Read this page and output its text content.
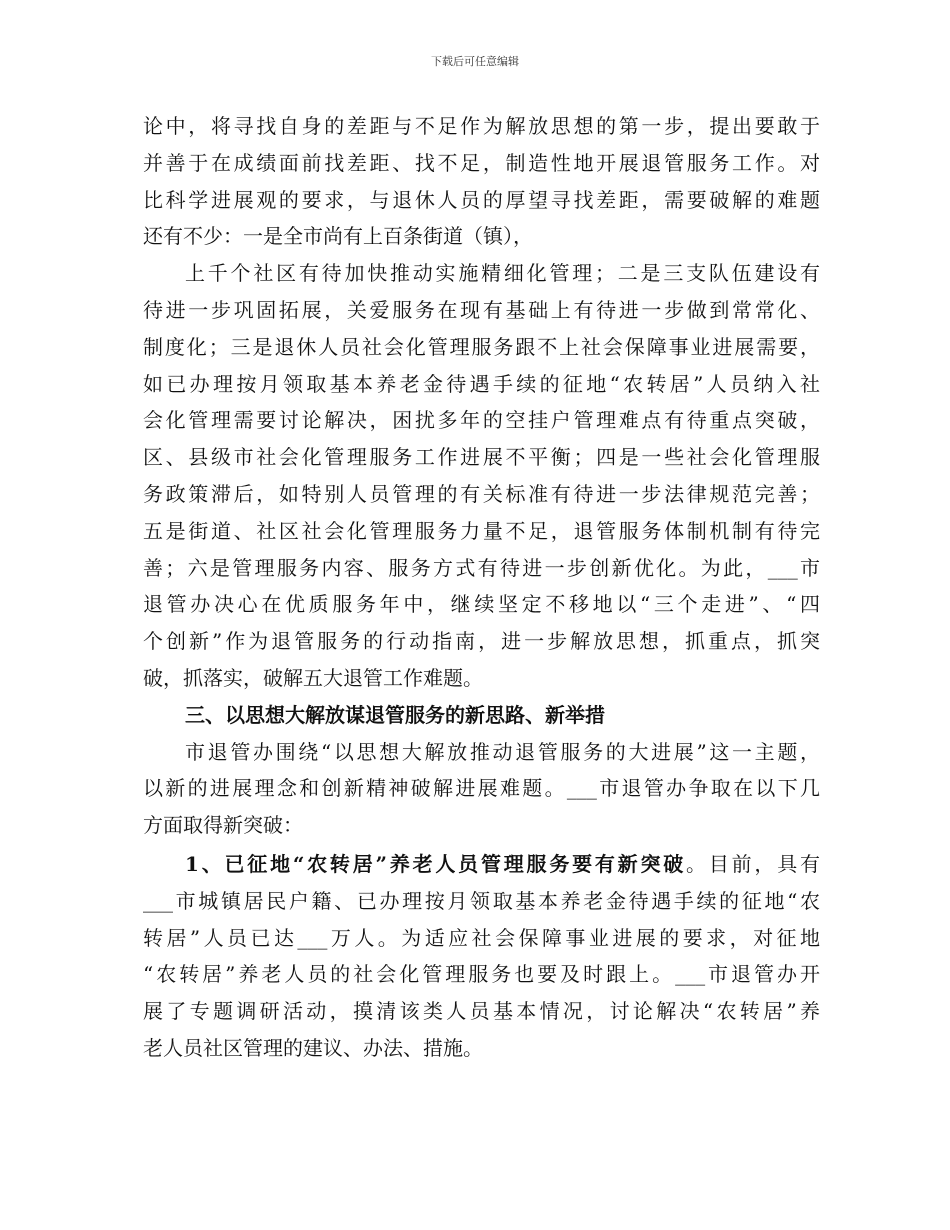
下载后可任意编辑
论中，将寻找自身的差距与不足作为解放思想的第一步，提出要敢于
并善于在成绩面前找差距、找不足，制造性地开展退管服务工作。对
比科学进展观的要求，与退休人员的厚望寻找差距，需要破解的难题
还有不少：一是全市尚有上百条街道（镇），
上千个社区有待加快推动实施精细化管理；二是三支队伍建设有
待进一步巩固拓展，关爱服务在现有基础上有待进一步做到常常化、
制度化；三是退休人员社会化管理服务跟不上社会保障事业进展需要，
如已办理按月领取基本养老金待遇手续的征地“农转居”人员纳入社
会化管理需要讨论解决，困扰多年的空挂户管理难点有待重点突破，
区、县级市社会化管理服务工作进展不平衡；四是一些社会化管理服
务政策滞后，如特别人员管理的有关标准有待进一步法律规范完善；
五是街道、社区社会化管理服务力量不足，退管服务体制机制有待完
善；六是管理服务内容、服务方式有待进一步创新优化。为此，___市
退管办决心在优质服务年中，继续坚定不移地以“三个走进”、“四
个创新”作为退管服务的行动指南，进一步解放思想，抓重点，抓突
破，抓落实，破解五大退管工作难题。
三、以思想大解放谋退管服务的新思路、新举措
市退管办围绕“以思想大解放推动退管服务的大进展”这一主题，
以新的进展理念和创新精神破解进展难题。___市退管办争取在以下几
方面取得新突破：
1、已征地“农转居”养老人员管理服务要有新突破。目前，具有
___市城镇居民户籍、已办理按月领取基本养老金待遇手续的征地“农
转居”人员已达___万人。为适应社会保障事业进展的要求，对征地
“农转居”养老人员的社会化管理服务也要及时跟上。___市退管办开
展了专题调研活动，摸清该类人员基本情况，讨论解决“农转居”养
老人员社区管理的建议、办法、措施。
